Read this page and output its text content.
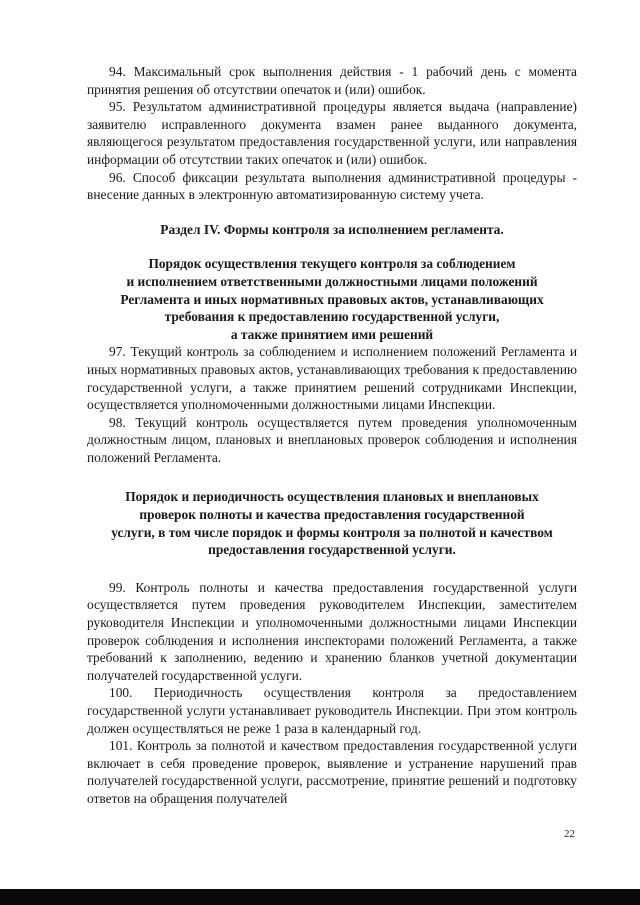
94. Максимальный срок выполнения действия - 1 рабочий день с момента принятия решения об отсутствии опечаток и (или) ошибок.

95. Результатом административной процедуры является выдача (направление) заявителю исправленного документа взамен ранее выданного документа, являющегося результатом предоставления государственной услуги, или направления информации об отсутствии таких опечаток и (или) ошибок.

96. Способ фиксации результата выполнения административной процедуры - внесение данных в электронную автоматизированную систему учета.

Раздел IV. Формы контроля за исполнением регламента.

Порядок осуществления текущего контроля за соблюдением

и исполнением ответственными должностными лицами положений

Регламента и иных нормативных правовых актов, устанавливающих

требования к предоставлению государственной услуги,

а также принятием ими решений

97. Текущий контроль за соблюдением и исполнением положений Регламента и иных нормативных правовых актов, устанавливающих требования к предоставлению государственной услуги, а также принятием решений сотрудниками Инспекции, осуществляется уполномоченными должностными лицами Инспекции.

98. Текущий контроль осуществляется путем проведения уполномоченным должностным лицом, плановых и внеплановых проверок соблюдения и исполнения положений Регламента.

Порядок и периодичность осуществления плановых и внеплановых

проверок полноты и качества предоставления государственной

услуги, в том числе порядок и формы контроля за полнотой и качеством

предоставления государственной услуги.

99. Контроль полноты и качества предоставления государственной услуги осуществляется путем проведения руководителем Инспекции, заместителем руководителя Инспекции и уполномоченными должностными лицами Инспекции проверок соблюдения и исполнения инспекторами положений Регламента, а также требований к заполнению, ведению и хранению бланков учетной документации получателей государственной услуги.

100. Периодичность осуществления контроля за предоставлением государственной услуги устанавливает руководитель Инспекции. При этом контроль должен осуществляться не реже 1 раза в календарный год.

101. Контроль за полнотой и качеством предоставления государственной услуги включает в себя проведение проверок, выявление и устранение нарушений прав получателей государственной услуги, рассмотрение, принятие решений и подготовку ответов на обращения получателей

22
